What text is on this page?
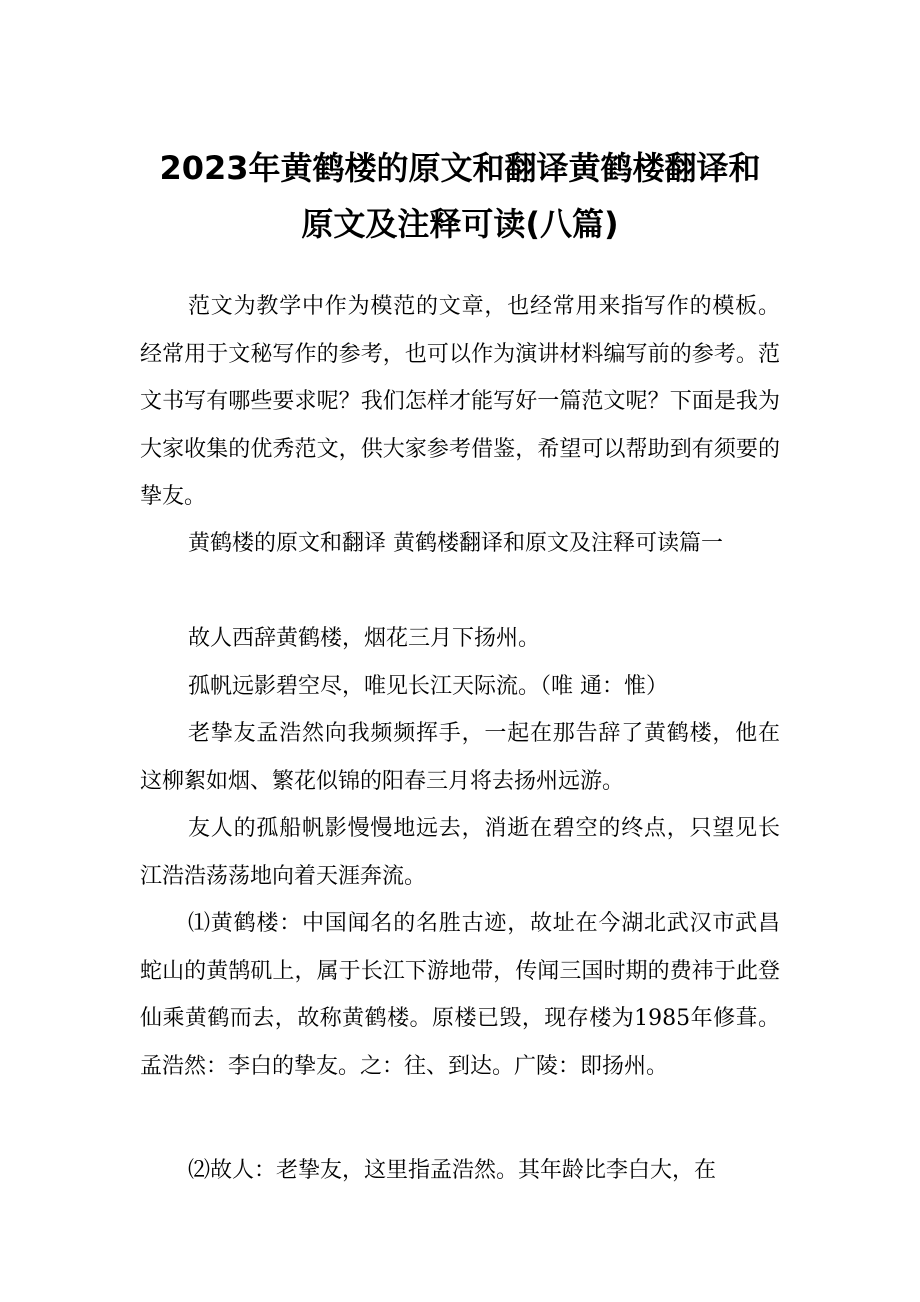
2023年黄鹤楼的原文和翻译黄鹤楼翻译和
原文及注释可读(八篇)

范文为教学中作为模范的文章，也经常用来指写作的模板。经常用于文秘写作的参考，也可以作为演讲材料编写前的参考。范文书写有哪些要求呢？我们怎样才能写好一篇范文呢？下面是我为大家收集的优秀范文，供大家参考借鉴，希望可以帮助到有须要的挚友。

黄鹤楼的原文和翻译 黄鹤楼翻译和原文及注释可读篇一

故人西辞黄鹤楼，烟花三月下扬州。

孤帆远影碧空尽，唯见长江天际流。（唯 通：惟）

老挚友孟浩然向我频频挥手，一起在那告辞了黄鹤楼，他在这柳絮如烟、繁花似锦的阳春三月将去扬州远游。

友人的孤船帆影慢慢地远去，消逝在碧空的终点，只望见长江浩浩荡荡地向着天涯奔流。

⑴黄鹤楼：中国闻名的名胜古迹，故址在今湖北武汉市武昌蛇山的黄鹄矶上，属于长江下游地带，传闻三国时期的费祎于此登仙乘黄鹤而去，故称黄鹤楼。原楼已毁，现存楼为1985年修葺。孟浩然：李白的挚友。之：往、到达。广陵：即扬州。

⑵故人：老挚友，这里指孟浩然。其年龄比李白大，在
